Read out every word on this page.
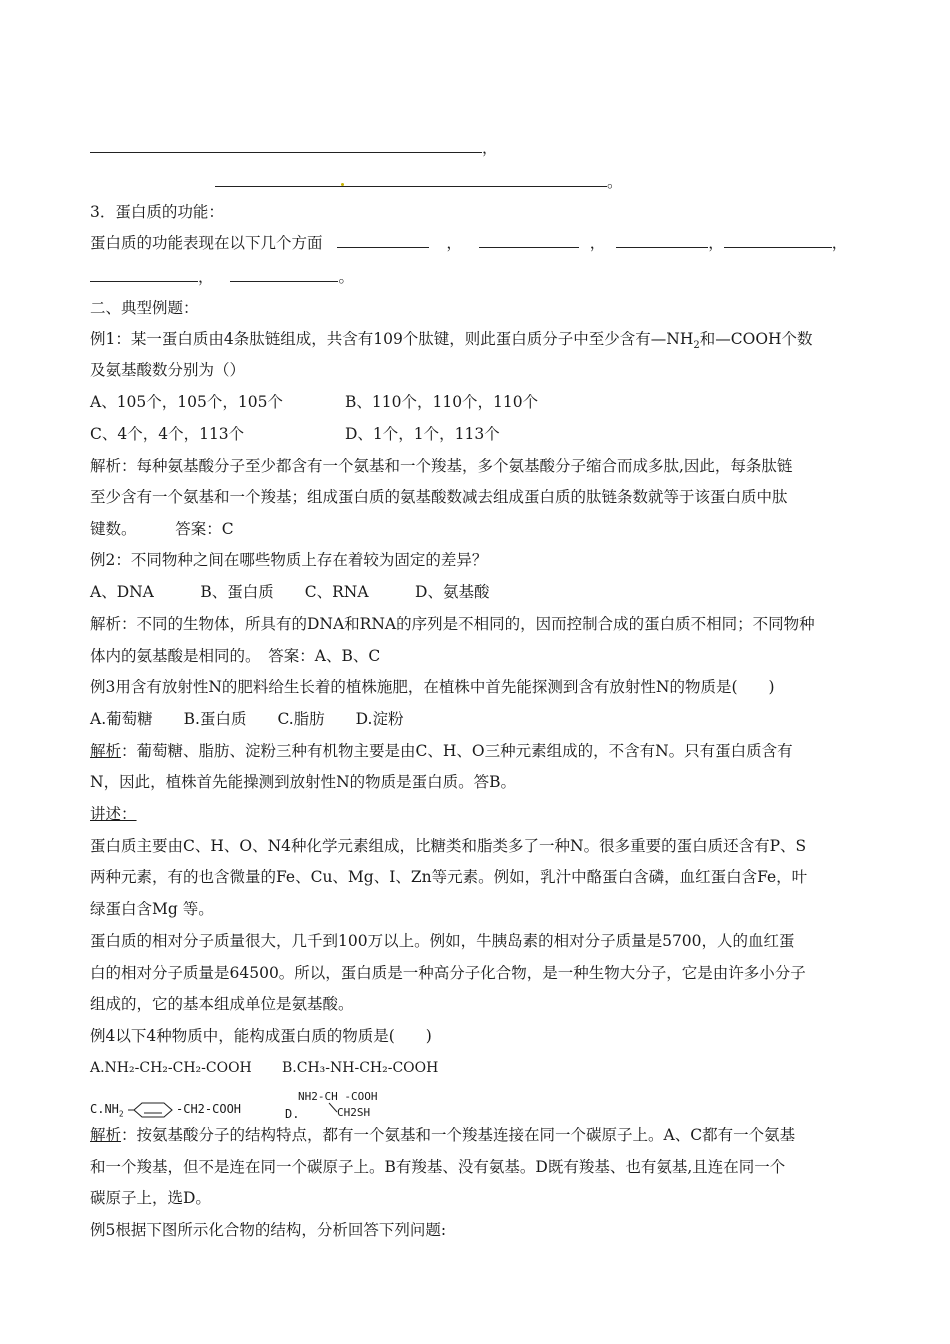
，
。
3．蛋白质的功能：
蛋白质的功能表现在以下几个方面	，	，	，	，
，	。
二、典型例题：
例1：某一蛋白质由4条肽链组成，共含有109个肽键，则此蛋白质分子中至少含有$—NH_2$和—COOH个数
及氨基酸数分别为（）
A、105个，105个，105个	B、110个，110个，110个
C、4个，4个，113个	D、1个，1个，113个
解析：每种氨基酸分子至少都含有一个氨基和一个羧基，多个氨基酸分子缩合而成多肽,因此，每条肽链
至少含有一个氨基和一个羧基；组成蛋白质的氨基酸数减去组成蛋白质的肽链条数就等于该蛋白质中肽
键数。　　　答案：C
例2：不同物种之间在哪些物质上存在着较为固定的差异？
A、DNA　　　B、蛋白质　　C、RNA　　　D、氨基酸
解析：不同的生物体，所具有的DNA和RNA的序列是不相同的，因而控制合成的蛋白质不相同；不同物种
体内的氨基酸是相同的。　答案：A、B、C
例3用含有放射性N的肥料给生长着的植株施肥，在植株中首先能探测到含有放射性N的物质是(　　)
A.葡萄糖　　B.蛋白质　　C.脂肪　　D.淀粉
解析：葡萄糖、脂肪、淀粉三种有机物主要是由C、H、O三种元素组成的，不含有N。只有蛋白质含有
N，因此，植株首先能操测到放射性N的物质是蛋白质。答B。
讲述：
蛋白质主要由C、H、O、N4种化学元素组成，比糖类和脂类多了一种N。很多重要的蛋白质还含有P、S
两种元素，有的也含微量的Fe、Cu、Mg、I、Zn等元素。例如，乳汁中酪蛋白含磷，血红蛋白含Fe，叶
绿蛋白含Mg 等。
蛋白质的相对分子质量很大，几千到100万以上。例如，牛胰岛素的相对分子质量是5700，人的血红蛋
白的相对分子质量是64500。所以，蛋白质是一种高分子化合物，是一种生物大分子，它是由许多小分子
组成的，它的基本组成单位是氨基酸。
例4以下4种物质中，能构成蛋白质的物质是(　　)
A.NH₂-CH₂-CH₂-COOH B.CH₃-NH-CH₂-COOH
$C.NH_2$	-CH2-COOH	D.
NH2-CH -COOH
CH2SH
解析：按氨基酸分子的结构特点，都有一个氨基和一个羧基连接在同一个碳原子上。A、C都有一个氨基
和一个羧基，但不是连在同一个碳原子上。B有羧基、没有氨基。D既有羧基、也有氨基,且连在同一个
碳原子上，选D。
例5根据下图所示化合物的结构，分析回答下列问题:
